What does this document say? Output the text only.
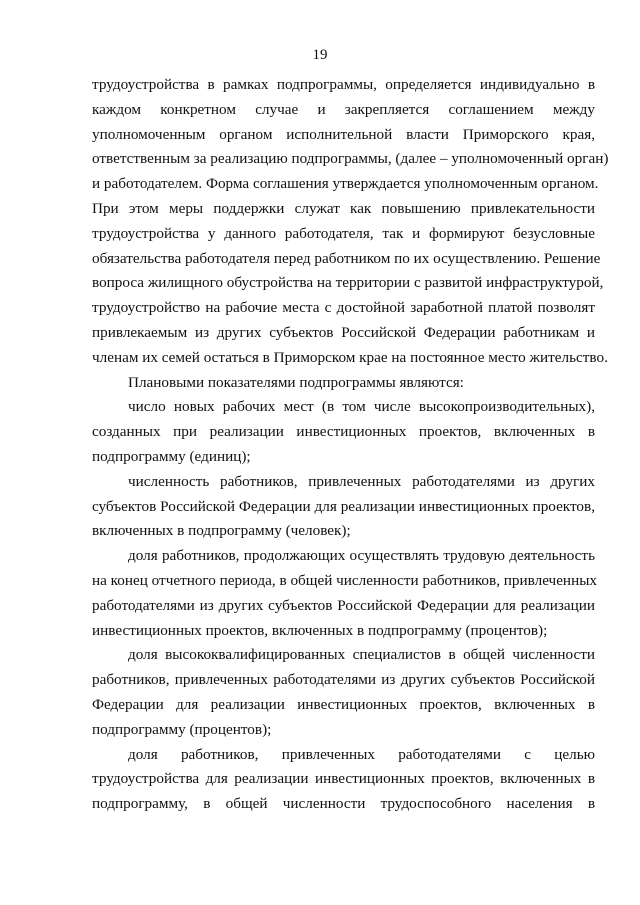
19
трудоустройства в рамках подпрограммы, определяется индивидуально в
каждом конкретном случае и закрепляется соглашением между
уполномоченным органом исполнительной власти Приморского края,
ответственным за реализацию подпрограммы, (далее – уполномоченный орган)
и работодателем. Форма соглашения утверждается уполномоченным органом.
При этом меры поддержки служат как повышению привлекательности
трудоустройства у данного работодателя, так и формируют безусловные
обязательства работодателя перед работником по их осуществлению. Решение
вопроса жилищного обустройства на территории с развитой инфраструктурой,
трудоустройство на рабочие места с достойной заработной платой позволят
привлекаемым из других субъектов Российской Федерации работникам и
членам их семей остаться в Приморском крае на постоянное место жительство.
Плановыми показателями подпрограммы являются:
число новых рабочих мест (в том числе высокопроизводительных),
созданных при реализации инвестиционных проектов, включенных в
подпрограмму (единиц);
численность работников, привлеченных работодателями из других
субъектов Российской Федерации для реализации инвестиционных проектов,
включенных в подпрограмму (человек);
доля работников, продолжающих осуществлять трудовую деятельность
на конец отчетного периода, в общей численности работников, привлеченных
работодателями из других субъектов Российской Федерации для реализации
инвестиционных проектов, включенных в подпрограмму (процентов);
доля высококвалифицированных специалистов в общей численности
работников, привлеченных работодателями из других субъектов Российской
Федерации для реализации инвестиционных проектов, включенных в
подпрограмму (процентов);
доля работников, привлеченных работодателями с целью
трудоустройства для реализации инвестиционных проектов, включенных в
подпрограмму, в общей численности трудоспособного населения в
